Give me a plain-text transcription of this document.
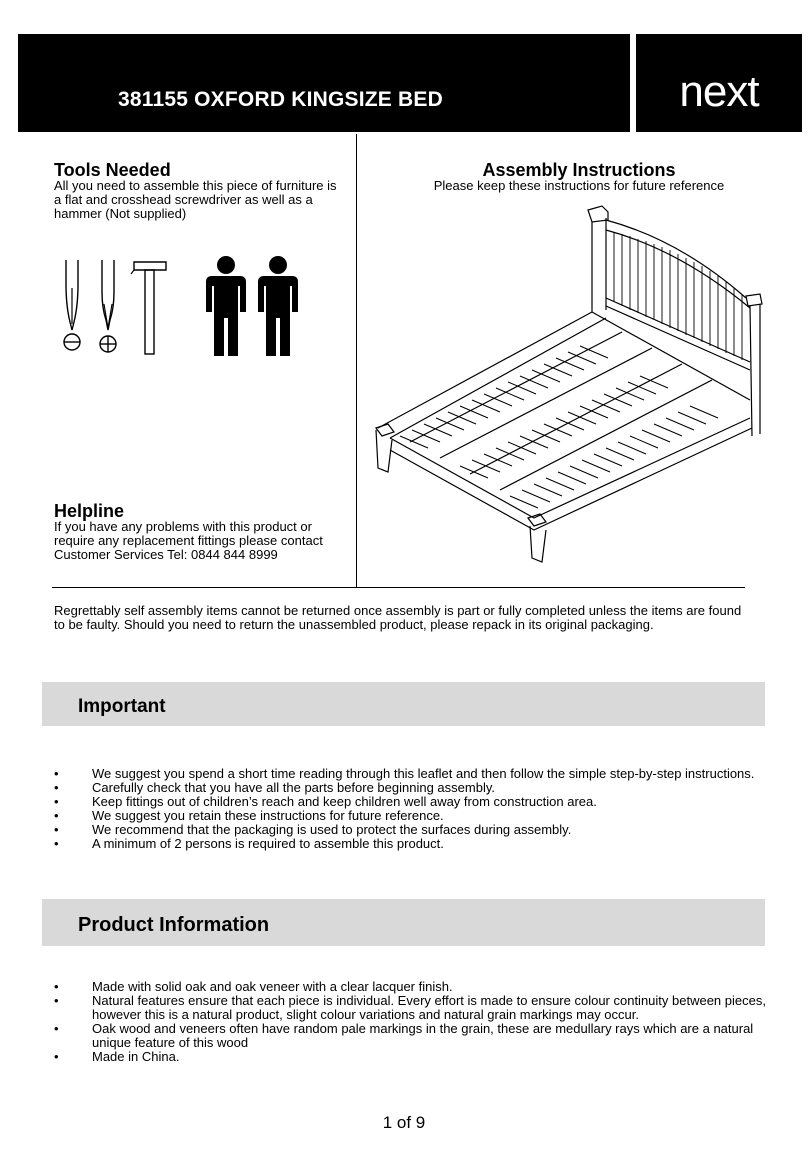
381155 OXFORD KINGSIZE BED	next
Tools Needed

All you need to assemble this piece of furniture is a flat and crosshead screwdriver as well as a hammer (Not supplied)

Assembly Instructions

Please keep these instructions for future reference

Helpline

If you have any problems with this product or require any replacement fittings please contact Customer Services Tel: 0844 844 8999

Regrettably self assembly items cannot be returned once assembly is part or fully completed unless the items are found to be faulty. Should you need to return the unassembled product, please repack in its original packaging.

Important
•	We suggest you spend a short time reading through this leaflet and then follow the simple step-by-step instructions.
•	Carefully check that you have all the parts before beginning assembly.
•	Keep fittings out of children’s reach and keep children well away from construction area.
•	We suggest you retain these instructions for future reference.
•	We recommend that the packaging is used to protect the surfaces during assembly.
•	A minimum of 2 persons is required to assemble this product.
Product Information
•	Made with solid oak and oak veneer with a clear lacquer finish.
•	Natural features ensure that each piece is individual. Every effort is made to ensure colour continuity between pieces, however this is a natural product, slight colour variations and natural grain markings may occur.
•	Oak wood and veneers often have random pale markings in the grain, these are medullary rays which are a natural unique feature of this wood
•	Made in China.
1 of 9
